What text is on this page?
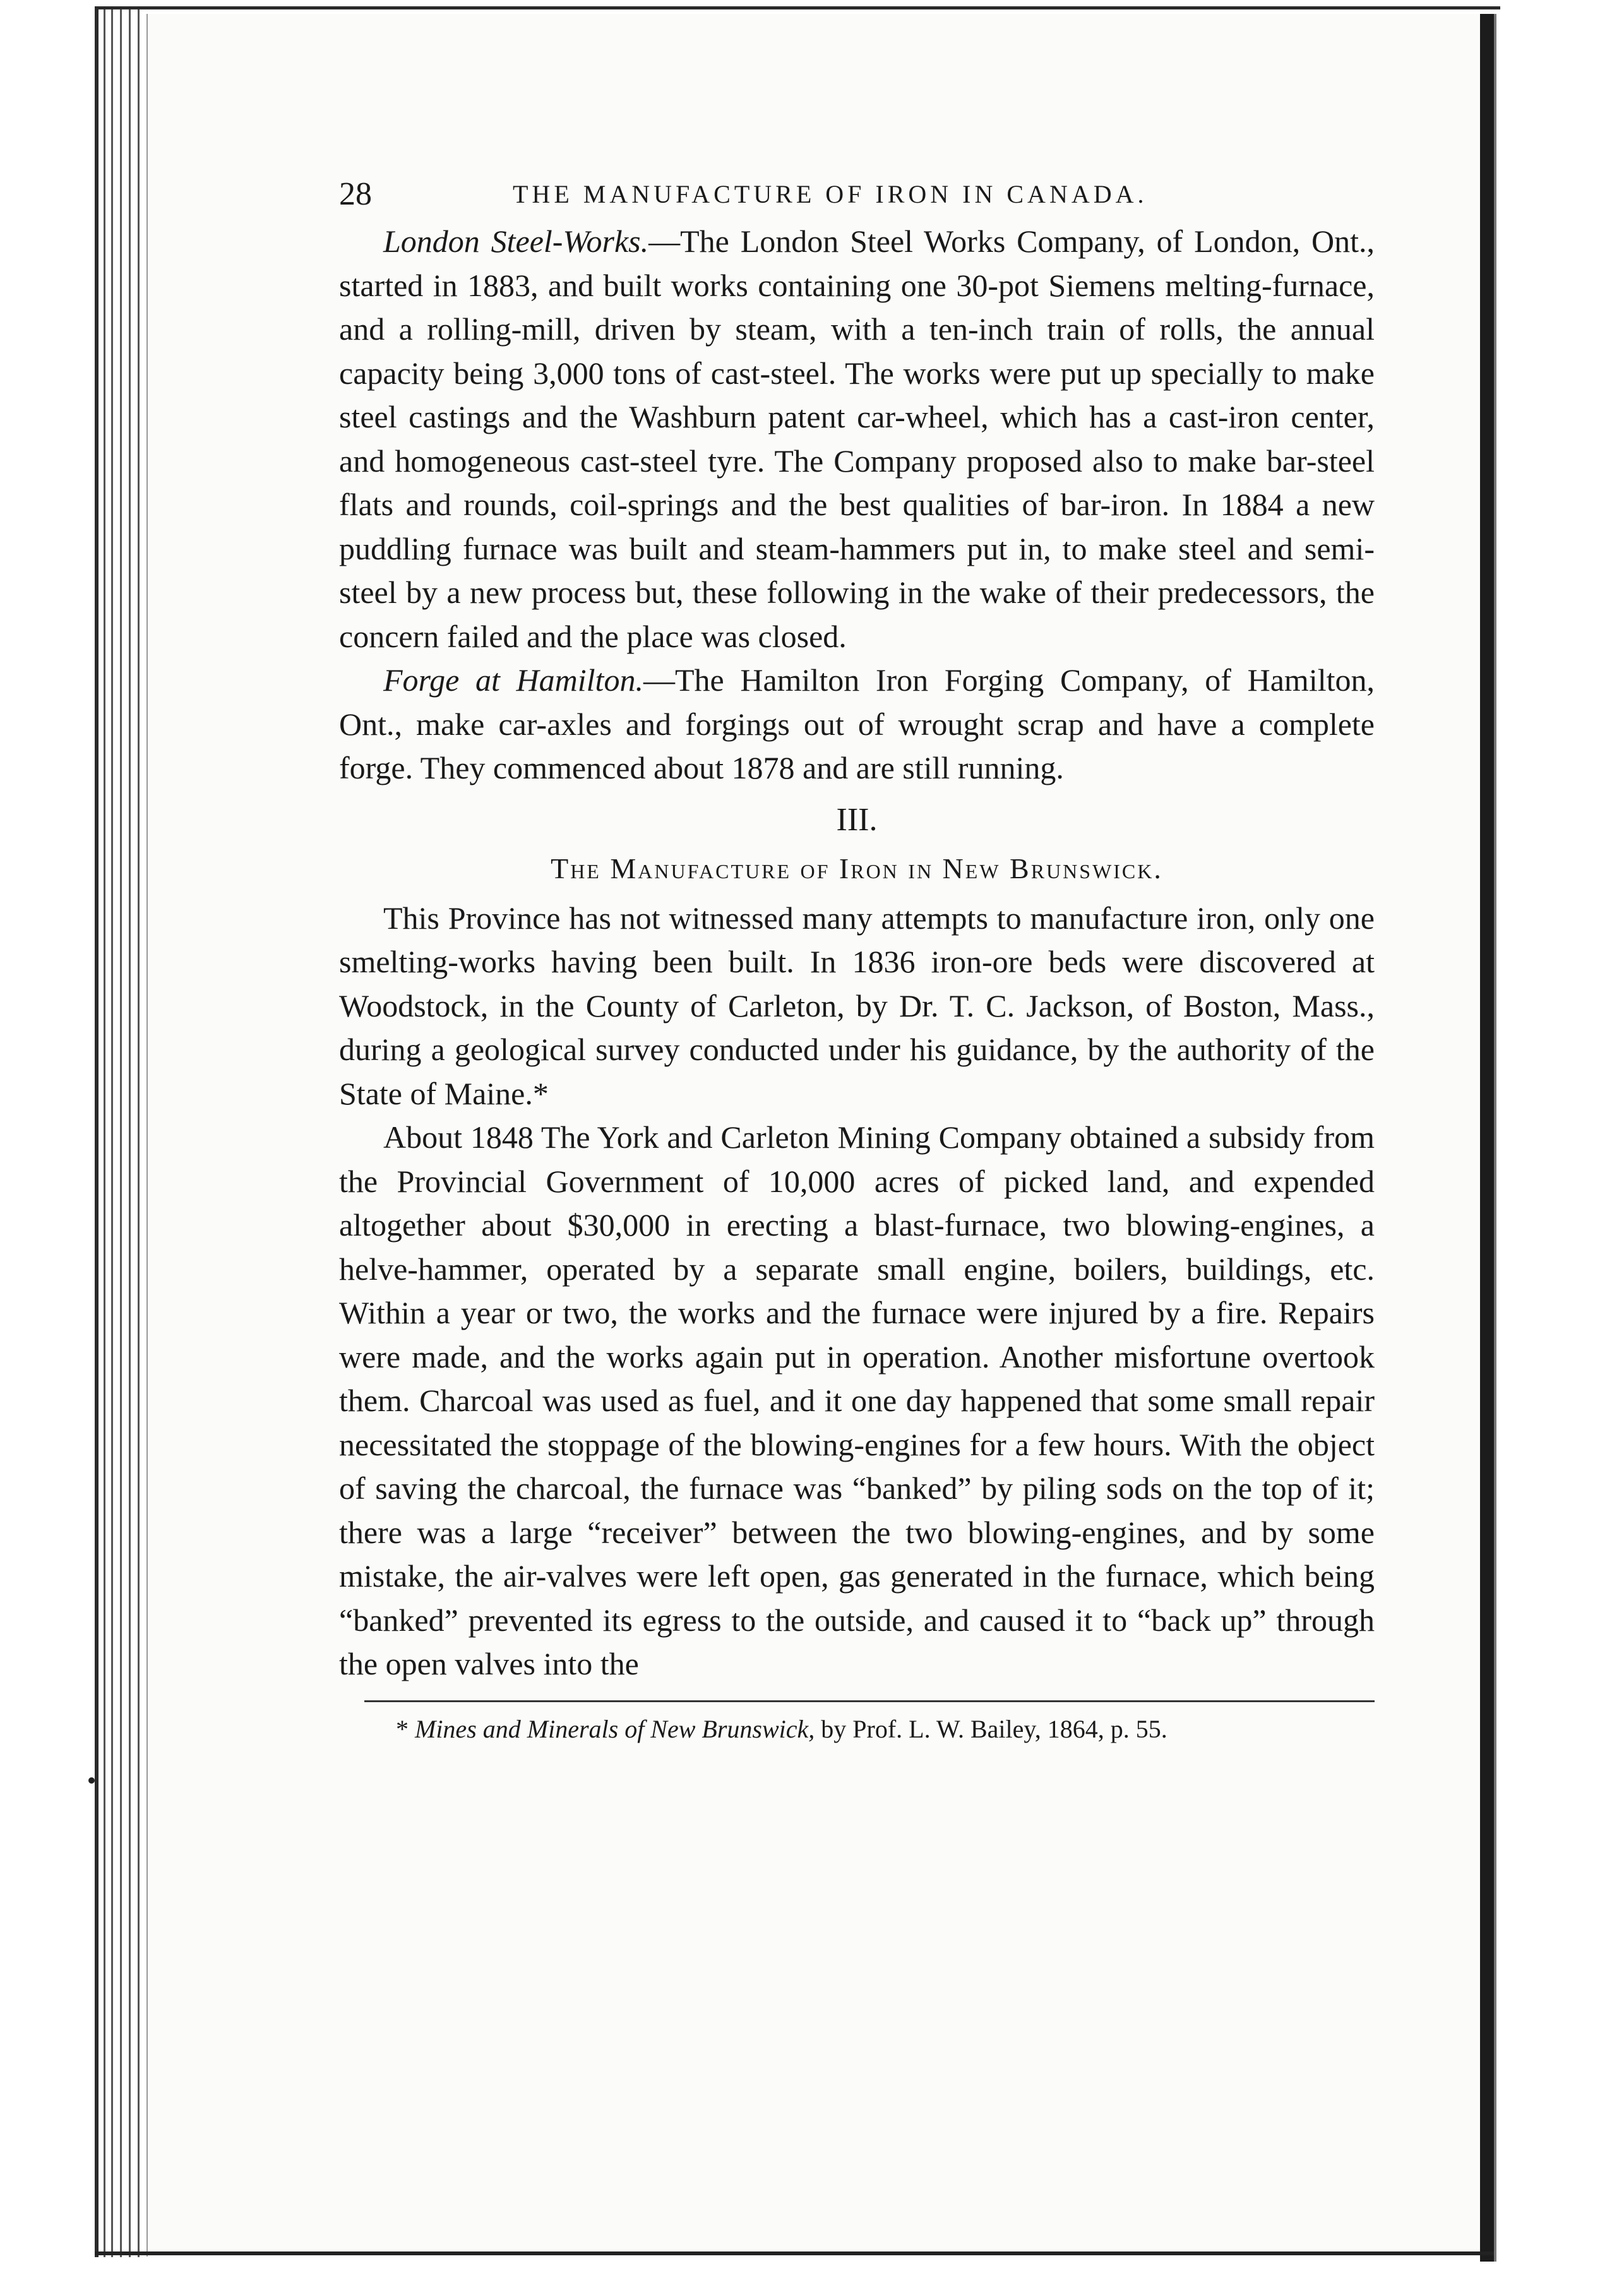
28	THE MANUFACTURE OF IRON IN CANADA.

London Steel-Works.—The London Steel Works Company, of London, Ont., started in 1883, and built works containing one 30-pot Siemens melting-furnace, and a rolling-mill, driven by steam, with a ten-inch train of rolls, the annual capacity being 3,000 tons of cast-steel. The works were put up specially to make steel castings and the Washburn patent car-wheel, which has a cast-iron center, and homogeneous cast-steel tyre. The Company proposed also to make bar-steel flats and rounds, coil-springs and the best qualities of bar-iron. In 1884 a new puddling furnace was built and steam-hammers put in, to make steel and semi-steel by a new process but, these following in the wake of their predecessors, the concern failed and the place was closed.

Forge at Hamilton.—The Hamilton Iron Forging Company, of Hamilton, Ont., make car-axles and forgings out of wrought scrap and have a complete forge. They commenced about 1878 and are still running.

III.
The Manufacture of Iron in New Brunswick.

This Province has not witnessed many attempts to manufacture iron, only one smelting-works having been built. In 1836 iron-ore beds were discovered at Woodstock, in the County of Carleton, by Dr. T. C. Jackson, of Boston, Mass., during a geological survey conducted under his guidance, by the authority of the State of Maine.*

About 1848 The York and Carleton Mining Company obtained a subsidy from the Provincial Government of 10,000 acres of picked land, and expended altogether about $30,000 in erecting a blast-furnace, two blowing-engines, a helve-hammer, operated by a separate small engine, boilers, buildings, etc. Within a year or two, the works and the furnace were injured by a fire. Repairs were made, and the works again put in operation. Another misfortune overtook them. Charcoal was used as fuel, and it one day happened that some small repair necessitated the stoppage of the blowing-engines for a few hours. With the object of saving the charcoal, the furnace was “banked” by piling sods on the top of it; there was a large “receiver” between the two blowing-engines, and by some mistake, the air-valves were left open, gas generated in the furnace, which being “banked” prevented its egress to the outside, and caused it to “back up” through the open valves into the

* Mines and Minerals of New Brunswick, by Prof. L. W. Bailey, 1864, p. 55.
